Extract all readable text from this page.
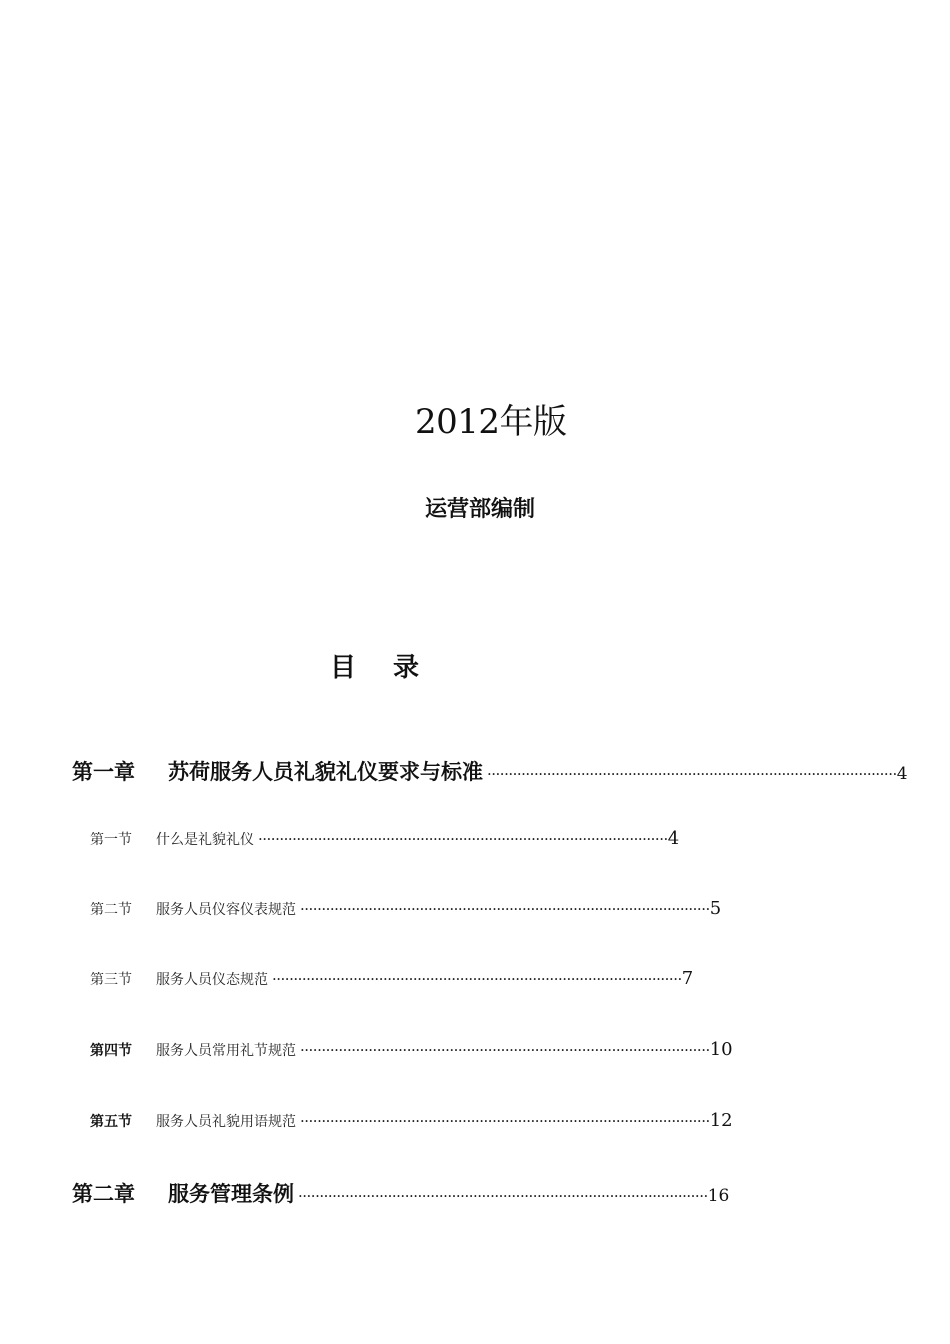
2012年版
运营部编制
目 录
第一章	苏荷服务人员礼貌礼仪要求与标准 ································································································ 4
第一节	什么是礼貌礼仪 ································································································ 4
第二节	服务人员仪容仪表规范 ································································································ 5
第三节	服务人员仪态规范 ································································································ 7
第四节	服务人员常用礼节规范 ································································································ 10
第五节	服务人员礼貌用语规范 ································································································ 12
第二章	服务管理条例 ································································································ 16
